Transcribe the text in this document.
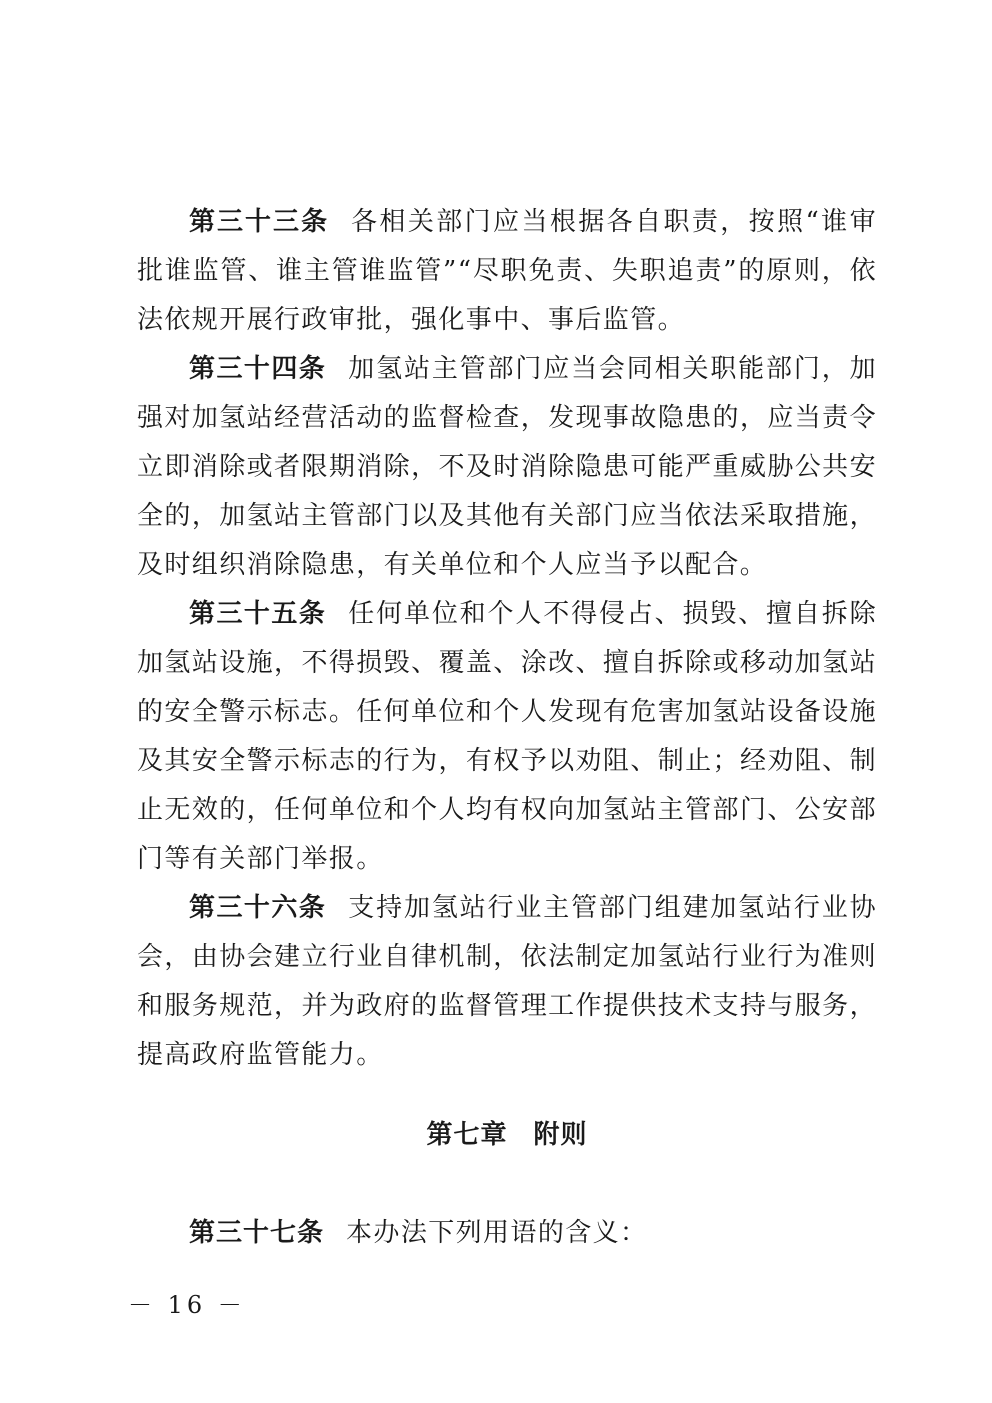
第三十三条 各相关部门应当根据各自职责，按照“谁审批谁监管、谁主管谁监管”“尽职免责、失职追责”的原则，依法依规开展行政审批，强化事中、事后监管。

第三十四条 加氢站主管部门应当会同相关职能部门，加强对加氢站经营活动的监督检查，发现事故隐患的，应当责令立即消除或者限期消除，不及时消除隐患可能严重威胁公共安全的，加氢站主管部门以及其他有关部门应当依法采取措施，及时组织消除隐患，有关单位和个人应当予以配合。

第三十五条 任何单位和个人不得侵占、损毁、擅自拆除加氢站设施，不得损毁、覆盖、涂改、擅自拆除或移动加氢站的安全警示标志。任何单位和个人发现有危害加氢站设备设施及其安全警示标志的行为，有权予以劝阻、制止；经劝阻、制止无效的，任何单位和个人均有权向加氢站主管部门、公安部门等有关部门举报。

第三十六条 支持加氢站行业主管部门组建加氢站行业协会，由协会建立行业自律机制，依法制定加氢站行业行为准则和服务规范，并为政府的监督管理工作提供技术支持与服务，提高政府监管能力。

第七章 附则

第三十七条 本办法下列用语的含义：

－ 16 －
